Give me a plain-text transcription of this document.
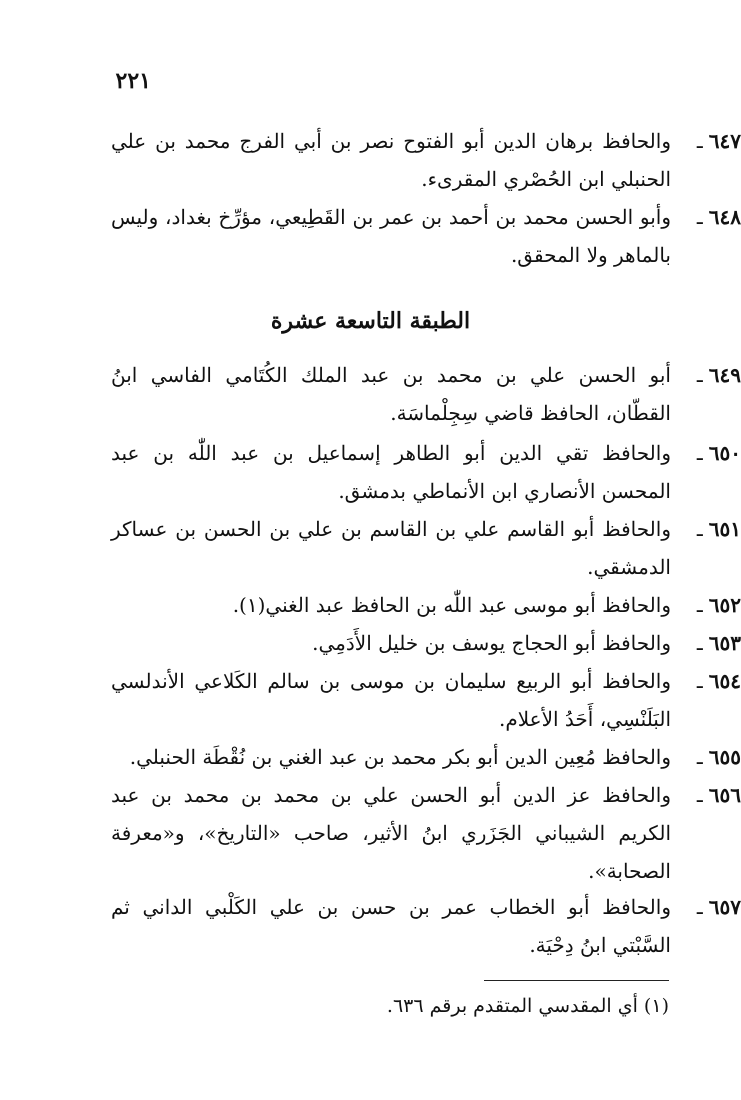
٢٢١
٦٤٧ـ
والحافظ برهان الدين أبو الفتوح نصر بن أبي الفرج محمد بن علي الحنبلي ابن الحُصْري المقرىء.
٦٤٨ـ
وأبو الحسن محمد بن أحمد بن عمر بن القَطِيعي، مؤرِّخ بغداد، وليس بالماهر ولا المحقق.
الطبقة التاسعة عشرة
٦٤٩ـ
أبو الحسن علي بن محمد بن عبد الملك الكُتَامي الفاسي ابنُ القطّان، الحافظ قاضي سِجِلْماسَة.
٦٥٠ـ
والحافظ تقي الدين أبو الطاهر إسماعيل بن عبد اللّٰه بن عبد المحسن الأنصاري ابن الأنماطي بدمشق.
٦٥١ـ
والحافظ أبو القاسم علي بن القاسم بن علي بن الحسن بن عساكر الدمشقي.
٦٥٢ـ
والحافظ أبو موسى عبد اللّٰه بن الحافظ عبد الغني(١).
٦٥٣ـ
والحافظ أبو الحجاج يوسف بن خليل الأَدَمِي.
٦٥٤ـ
والحافظ أبو الربيع سليمان بن موسى بن سالم الكَلاعي الأندلسي البَلَنْسِي، أَحَدُ الأعلام.
٦٥٥ـ
والحافظ مُعِين الدين أبو بكر محمد بن عبد الغني بن نُقْطَة الحنبلي.
٦٥٦ـ
والحافظ عز الدين أبو الحسن علي بن محمد بن محمد بن عبد الكريم الشيباني الجَزَري ابنُ الأثير، صاحب «التاريخ»، و«معرفة الصحابة».
٦٥٧ـ
والحافظ أبو الخطاب عمر بن حسن بن علي الكَلْبي الداني ثم السَّبْتي ابنُ دِحْيَة.
(١) أي المقدسي المتقدم برقم ٦٣٦.
